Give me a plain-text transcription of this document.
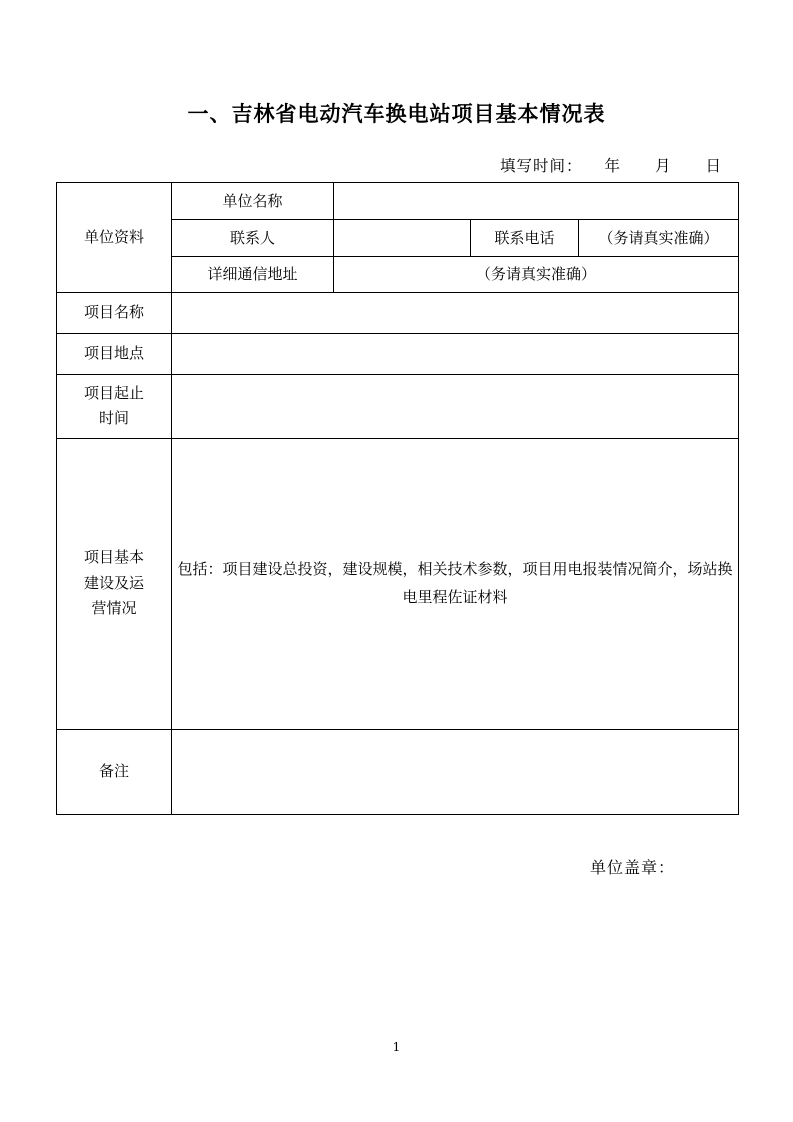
一、吉林省电动汽车换电站项目基本情况表
填写时间： 年 月 日
单位资料	单位名称			

	联系人		联系电话	（务请真实准确）

	详细通信地址	（务请真实准确）		

项目名称				

项目地点				

项目起止
时间				

项目基本
建设及运
营情况	包括：项目建设总投资，建设规模，相关技术参数，项目用电报装情况简介，场站换电里程佐证材料			

备注				

单位盖章：
1
